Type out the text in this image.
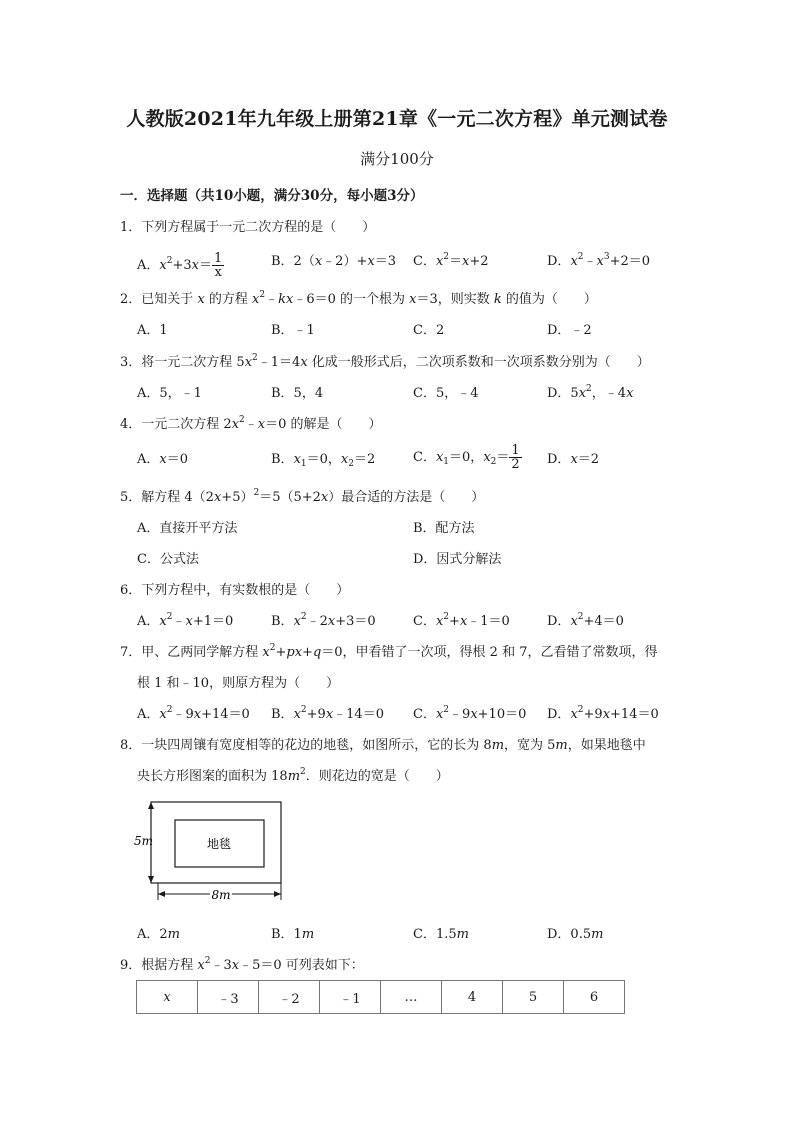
人教版2021年九年级上册第21章《一元二次方程》单元测试卷
满分100分
一．选择题（共10小题，满分30分，每小题3分）
1．下列方程属于一元二次方程的是（　　）
A．$x^2+3x= \frac{1}{x}$	B．2（x﹣2）+x＝3 C．$x^2=x+2$	D．$x^2﹣x^3+2=0$
2．已知关于 x 的方程 $x^2﹣kx﹣6=0$ 的一个根为 x＝3，则实数 k 的值为（　　）
A．1	B．﹣1	C．2	D．﹣2
3．将一元二次方程 $5x^2﹣1=4x$ 化成一般形式后，二次项系数和一次项系数分别为（　　）
A．5，﹣1	B．5，4	C．5，﹣4	D．$5x^2$，﹣4x
4．一元二次方程 $2x^2﹣x=0$ 的解是（　　）
A．x＝0	B．$x_1=0$，$x_2=2$	C．$x_1=0$，$x_2= \frac{1}{2}$ D．x＝2
5．解方程 $4(2x+5)^2=5(5+2x)$最合适的方法是（　　）
A．直接开平方法	B．配方法
C．公式法	D．因式分解法
6．下列方程中，有实数根的是（　　）
A．$x^2﹣x+1=0$	B．$x^2﹣2x+3=0$	C．$x^2+x﹣1=0$	D．$x^2+4=0$
7．甲、乙两同学解方程 $x^2+px+q=0$，甲看错了一次项，得根 2 和 7，乙看错了常数项，得
根 1 和﹣10，则原方程为（　　）
A．$x^2﹣9x+14=0$ B．$x^2+9x﹣14=0$ C．$x^2﹣9x+10=0$ D．$x^2+9x+14=0$
8．一块四周镶有宽度相等的花边的地毯，如图所示，它的长为 8m，宽为 5m，如果地毯中
央长方形图案的面积为 $18m^2$．则花边的宽是（　　）
地毯
5m
8m
A．2m	B．1m	C．1.5m	D．0.5m
9．根据方程 $x^2﹣3x﹣5=0$ 可列表如下：
x	﹣3	﹣2	﹣1	…	4	5	6
